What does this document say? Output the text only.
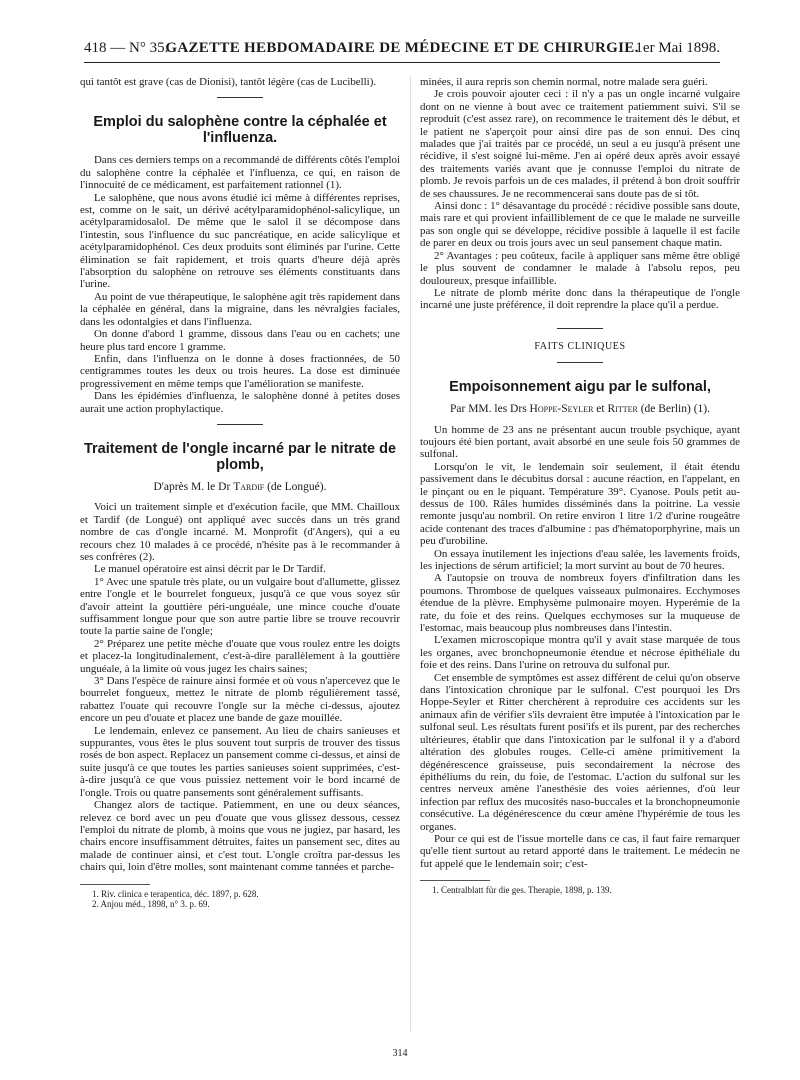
418 — N° 35.
GAZETTE HEBDOMADAIRE DE MÉDECINE ET DE CHIRURGIE.
1er Mai 1898.

qui tantôt est grave (cas de Dionisi), tantôt légère (cas de Lucibelli).

Emploi du salophène contre la céphalée et l'influenza.

Dans ces derniers temps on a recommandé de différents côtés l'emploi du salophène contre la céphalée et l'influenza, ce qui, en raison de l'innocuité de ce médicament, est parfaitement rationnel (1).

Le salophène, que nous avons étudié ici même à différentes reprises, est, comme on le sait, un dérivé acétylparamidophénol-salicylique, un acétylparamidosalol. De même que le salol il se décompose dans l'intestin, sous l'influence du suc pancréatique, en acide salicylique et acétylparamidophénol. Ces deux produits sont éliminés par l'urine. Cette élimination se fait rapidement, et trois quarts d'heure déjà après l'absorption du salophène on retrouve ses éléments constituants dans l'urine.

Au point de vue thérapeutique, le salophène agit très rapidement dans la céphalée en général, dans la migraine, dans les névralgies faciales, dans les odontalgies et dans l'influenza.

On donne d'abord 1 gramme, dissous dans l'eau ou en cachets; une heure plus tard encore 1 gramme.

Enfin, dans l'influenza on le donne à doses fractionnées, de 50 centigrammes toutes les deux ou trois heures. La dose est diminuée progressivement en même temps que l'amélioration se manifeste.

Dans les épidémies d'influenza, le salophène donné à petites doses aurait une action prophylactique.

Traitement de l'ongle incarné par le nitrate de plomb,

D'après M. le Dr Tardif (de Longué).

Voici un traitement simple et d'exécution facile, que MM. Chailloux et Tardif (de Longué) ont appliqué avec succès dans un très grand nombre de cas d'ongle incarné. M. Monprofit (d'Angers), qui a eu recours chez 10 malades à ce procédé, n'hésite pas à le recommander à ses confrères (2).

Le manuel opératoire est ainsi décrit par le Dr Tardif.

1° Avec une spatule très plate, ou un vulgaire bout d'allumette, glissez entre l'ongle et le bourrelet fongueux, jusqu'à ce que vous soyez sûr d'avoir atteint la gouttière péri-unguéale, une mince couche d'ouate suffisamment longue pour que son autre partie libre se trouve recouvrir toute la partie saine de l'ongle;

2° Préparez une petite mèche d'ouate que vous roulez entre les doigts et placez-la longitudinalement, c'est-à-dire parallèlement à la gouttière unguéale, à la limite où vous jugez les chairs saines;

3° Dans l'espèce de rainure ainsi formée et où vous n'apercevez que le bourrelet fongueux, mettez le nitrate de plomb régulièrement tassé, rabattez l'ouate qui recouvre l'ongle sur la mèche ci-dessus, ajoutez encore un peu d'ouate et placez une bande de gaze mouillée.

Le lendemain, enlevez ce pansement. Au lieu de chairs sanieuses et suppurantes, vous êtes le plus souvent tout surpris de trouver des tissus rosés de bon aspect. Replacez un pansement comme ci-dessus, et ainsi de suite jusqu'à ce que toutes les parties sanieuses soient supprimées, c'est-à-dire jusqu'à ce que vous puissiez nettement voir le bord incarné de l'ongle. Trois ou quatre pansements sont généralement suffisants.

Changez alors de tactique. Patiemment, en une ou deux séances, relevez ce bord avec un peu d'ouate que vous glissez dessous, cessez l'emploi du nitrate de plomb, à moins que vous ne jugiez, par hasard, les chairs encore insuffisamment détruites, faites un pansement sec, dites au malade de continuer ainsi, et c'est tout. L'ongle croîtra par-dessus les chairs qui, loin d'être molles, sont maintenant comme tannées et parche-

1. Riv. clinica e terapentica, déc. 1897, p. 628.

2. Anjou méd., 1898, n° 3. p. 69.

minées, il aura repris son chemin normal, notre malade sera guéri.

Je crois pouvoir ajouter ceci : il n'y a pas un ongle incarné vulgaire dont on ne vienne à bout avec ce traitement patiemment suivi. S'il se reproduit (c'est assez rare), on recommence le traitement dès le début, et le patient ne s'aperçoit pour ainsi dire pas de son ennui. Des cinq malades que j'ai traités par ce procédé, un seul a eu jusqu'à présent une récidive, il s'est soigné lui-même. J'en ai opéré deux après avoir essayé des traitements variés avant que je connusse l'emploi du nitrate de plomb. Je revois parfois un de ces malades, il prétend à bon droit souffrir de ses chaussures. Je ne recommencerai sans doute pas de si tôt.

Ainsi donc : 1° désavantage du procédé : récidive possible sans doute, mais rare et qui provient infailliblement de ce que le malade ne surveille pas son ongle qui se développe, récidive possible à laquelle il est facile de parer en deux ou trois jours avec un seul pansement chaque matin.

2° Avantages : peu coûteux, facile à appliquer sans même être obligé le plus souvent de condamner le malade à l'absolu repos, peu douloureux, presque infaillible.

Le nitrate de plomb mérite donc dans la thérapeutique de l'ongle incarné une juste préférence, il doit reprendre la place qu'il a perdue.

FAITS CLINIQUES

Empoisonnement aigu par le sulfonal,

Par MM. les Drs Hoppe-Seyler et Ritter (de Berlin) (1).

Un homme de 23 ans ne présentant aucun trouble psychique, ayant toujours été bien portant, avait absorbé en une seule fois 50 grammes de sulfonal.

Lorsqu'on le vit, le lendemain soir seulement, il était étendu passivement dans le décubitus dorsal : aucune réaction, en l'appelant, en le pinçant ou en le piquant. Température 39°. Cyanose. Pouls petit au-dessus de 100. Râles humides disséminés dans la poitrine. La vessie remonte jusqu'au nombril. On retire environ 1 litre 1/2 d'urine rougeâtre acide contenant des traces d'albumine : pas d'hématoporphyrine, mais un peu d'urobiline.

On essaya inutilement les injections d'eau salée, les lavements froids, les injections de sérum artificiel; la mort survint au bout de 70 heures.

A l'autopsie on trouva de nombreux foyers d'infiltration dans les poumons. Thrombose de quelques vaisseaux pulmonaires. Ecchymoses étendue de la plèvre. Emphysème pulmonaire moyen. Hyperémie de la rate, du foie et des reins. Quelques ecchymoses sur la muqueuse de l'estomac, mais beaucoup plus nombreuses dans l'intestin.

L'examen microscopique montra qu'il y avait stase marquée de tous les organes, avec bronchopneumonie étendue et nécrose épithéliale du foie et des reins. Dans l'urine on retrouva du sulfonal pur.

Cet ensemble de symptômes est assez différent de celui qu'on observe dans l'intoxication chronique par le sulfonal. C'est pourquoi les Drs Hoppe-Seyler et Ritter cherchèrent à reproduire ces accidents sur les animaux afin de vérifier s'ils devraient être imputée à l'intoxication par le sulfonal seul. Les résultats furent posi'ifs et ils purent, par des recherches ultérieures, établir que dans l'intoxication par le sulfonal il y a d'abord altération des globules rouges. Celle-ci amène primitivement la dégénérescence graisseuse, puis secondairement la nécrose des épithéliums du rein, du foie, de l'estomac. L'action du sulfonal sur les centres nerveux amène l'anesthésie des voies aériennes, d'où leur infection par reflux des mucosités naso-buccales et la bronchopneumonie consécutive. La dégénérescence du cœur amène l'hypérémie de tous les organes.

Pour ce qui est de l'issue mortelle dans ce cas, il faut faire remarquer qu'elle tient surtout au retard apporté dans le traitement. Le médecin ne fut appelé que le lendemain soir; c'est-

1. Centralblatt für die ges. Therapie, 1898, p. 139.

314
